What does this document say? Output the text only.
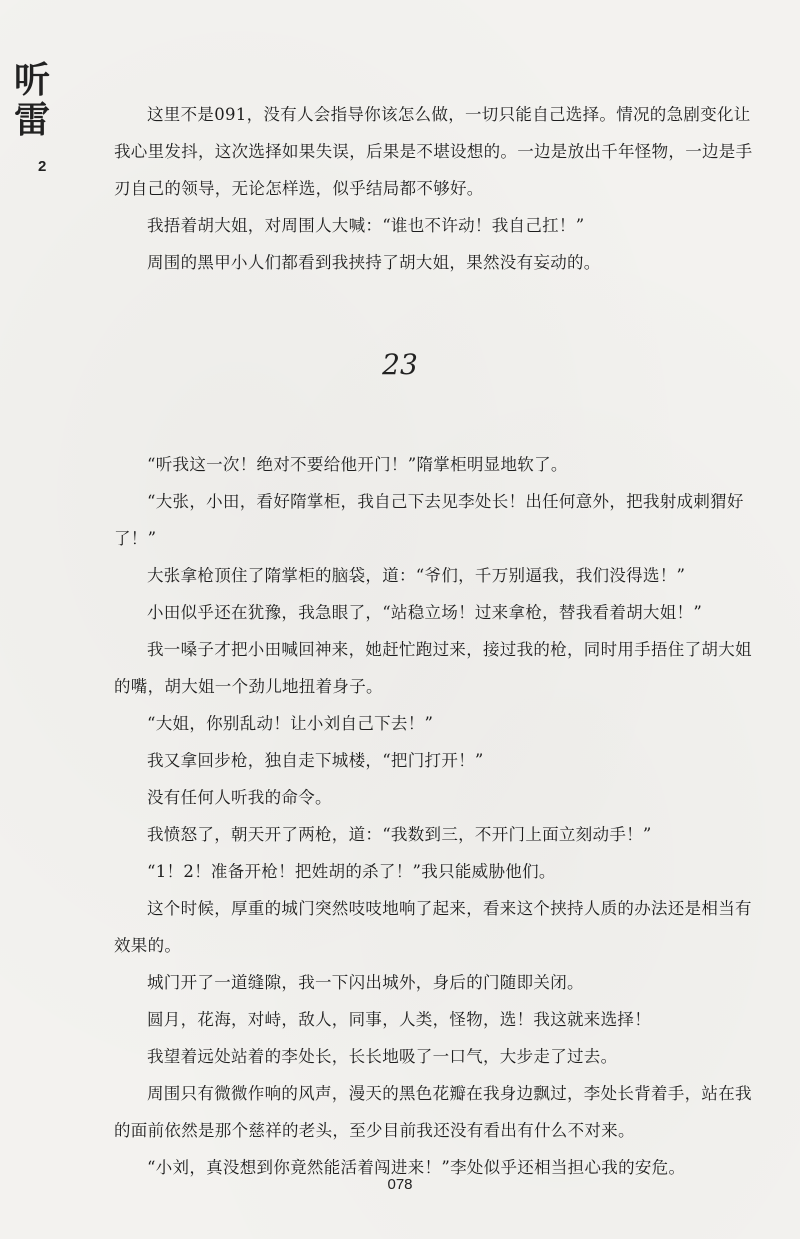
听
雷
2

这里不是091，没有人会指导你该怎么做，一切只能自己选择。情况的急剧变化让我心里发抖，这次选择如果失误，后果是不堪设想的。一边是放出千年怪物，一边是手刃自己的领导，无论怎样选，似乎结局都不够好。

我捂着胡大姐，对周围人大喊：“谁也不许动！我自己扛！”

周围的黑甲小人们都看到我挟持了胡大姐，果然没有妄动的。

23

“听我这一次！绝对不要给他开门！”隋掌柜明显地软了。

“大张，小田，看好隋掌柜，我自己下去见李处长！出任何意外，把我射成刺猬好了！”

大张拿枪顶住了隋掌柜的脑袋，道：“爷们，千万别逼我，我们没得选！”

小田似乎还在犹豫，我急眼了，“站稳立场！过来拿枪，替我看着胡大姐！”

我一嗓子才把小田喊回神来，她赶忙跑过来，接过我的枪，同时用手捂住了胡大姐的嘴，胡大姐一个劲儿地扭着身子。

“大姐，你别乱动！让小刘自己下去！”

我又拿回步枪，独自走下城楼，“把门打开！”

没有任何人听我的命令。

我愤怒了，朝天开了两枪，道：“我数到三，不开门上面立刻动手！”

“1！2！准备开枪！把姓胡的杀了！”我只能威胁他们。

这个时候，厚重的城门突然吱吱地响了起来，看来这个挟持人质的办法还是相当有效果的。

城门开了一道缝隙，我一下闪出城外，身后的门随即关闭。

圆月，花海，对峙，敌人，同事，人类，怪物，选！我这就来选择！

我望着远处站着的李处长，长长地吸了一口气，大步走了过去。

周围只有微微作响的风声，漫天的黑色花瓣在我身边飘过，李处长背着手，站在我的面前依然是那个慈祥的老头，至少目前我还没有看出有什么不对来。

“小刘，真没想到你竟然能活着闯进来！”李处似乎还相当担心我的安危。

078
